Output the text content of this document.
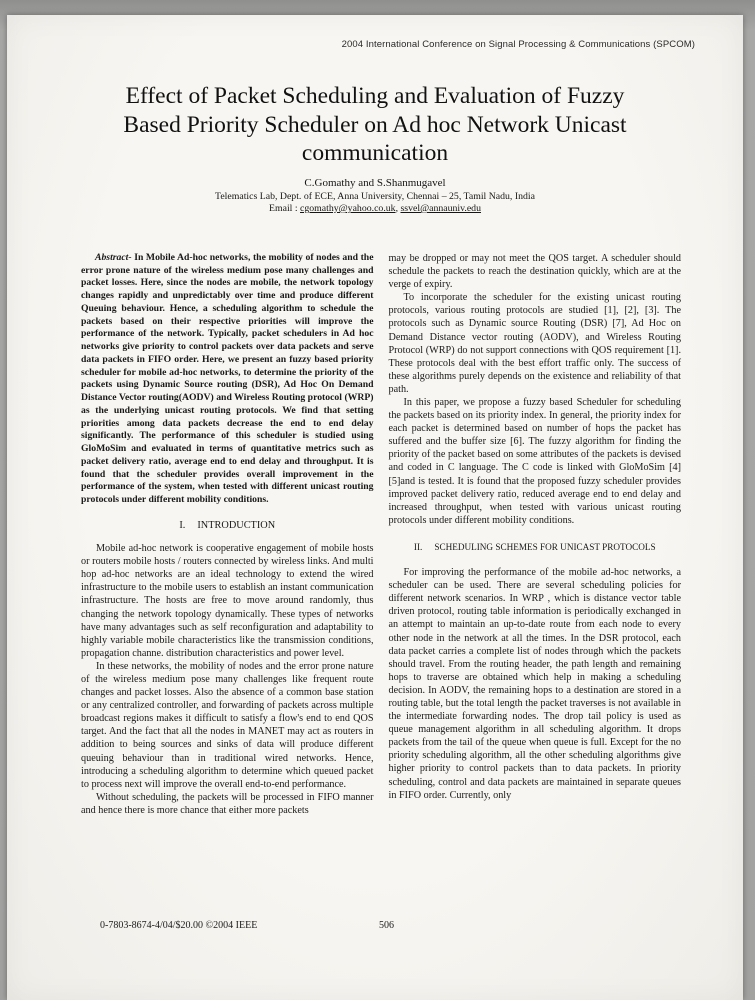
2004 International Conference on Signal Processing & Communications (SPCOM)
Effect of Packet Scheduling and Evaluation of Fuzzy Based Priority Scheduler on Ad hoc Network Unicast communication
C.Gomathy and S.Shanmugavel
Telematics Lab, Dept. of ECE, Anna University, Chennai – 25, Tamil Nadu, India
Email : cgomathy@yahoo.co.uk, ssvel@annauniv.edu

Abstract- In Mobile Ad-hoc networks, the mobility of nodes and the error prone nature of the wireless medium pose many challenges and packet losses. Here, since the nodes are mobile, the network topology changes rapidly and unpredictably over time and produce different Queuing behaviour. Hence, a scheduling algorithm to schedule the packets based on their respective priorities will improve the performance of the network. Typically, packet schedulers in Ad hoc networks give priority to control packets over data packets and serve data packets in FIFO order. Here, we present an fuzzy based priority scheduler for mobile ad-hoc networks, to determine the priority of the packets using Dynamic Source routing (DSR), Ad Hoc On Demand Distance Vector routing(AODV) and Wireless Routing protocol (WRP) as the underlying unicast routing protocols. We find that setting priorities among data packets decrease the end to end delay significantly. The performance of this scheduler is studied using GloMoSim and evaluated in terms of quantitative metrics such as packet delivery ratio, average end to end delay and throughput. It is found that the scheduler provides overall improvement in the performance of the system, when tested with different unicast routing protocols under different mobility conditions.

I. INTRODUCTION

Mobile ad-hoc network is cooperative engagement of mobile hosts or routers mobile hosts / routers connected by wireless links. And multi hop ad-hoc networks are an ideal technology to extend the wired infrastructure to the mobile users to establish an instant communication infrastructure. The hosts are free to move around randomly, thus changing the network topology dynamically. These types of networks have many advantages such as self reconfiguration and adaptability to highly variable mobile characteristics like the transmission conditions, propagation channe. distribution characteristics and power level.

In these networks, the mobility of nodes and the error prone nature of the wireless medium pose many challenges like frequent route changes and packet losses. Also the absence of a common base station or any centralized controller, and forwarding of packets across multiple broadcast regions makes it difficult to satisfy a flow's end to end QOS target. And the fact that all the nodes in MANET may act as routers in addition to being sources and sinks of data will produce different queuing behaviour than in traditional wired networks. Hence, introducing a scheduling algorithm to determine which queued packet to process next will improve the overall end-to-end performance.

Without scheduling, the packets will be processed in FIFO manner and hence there is more chance that either more packets

may be dropped or may not meet the QOS target. A scheduler should schedule the packets to reach the destination quickly, which are at the verge of expiry.

To incorporate the scheduler for the existing unicast routing protocols, various routing protocols are studied [1], [2], [3]. The protocols such as Dynamic source Routing (DSR) [7], Ad Hoc on Demand Distance vector routing (AODV), and Wireless Routing Protocol (WRP) do not support connections with QOS requirement [1]. These protocols deal with the best effort traffic only. The success of these algorithms purely depends on the existence and reliability of that path.

In this paper, we propose a fuzzy based Scheduler for scheduling the packets based on its priority index. In general, the priority index for each packet is determined based on number of hops the packet has suffered and the buffer size [6]. The fuzzy algorithm for finding the priority of the packet based on some attributes of the packets is devised and coded in C language. The C code is linked with GloMoSim [4] [5]and is tested. It is found that the proposed fuzzy scheduler provides improved packet delivery ratio, reduced average end to end delay and increased throughput, when tested with various unicast routing protocols under different mobility conditions.

II. SCHEDULING SCHEMES FOR UNICAST PROTOCOLS

For improving the performance of the mobile ad-hoc networks, a scheduler can be used. There are several scheduling policies for different network scenarios. In WRP , which is distance vector table driven protocol, routing table information is periodically exchanged in an attempt to maintain an up-to-date route from each node to every other node in the network at all the times. In the DSR protocol, each data packet carries a complete list of nodes through which the packets should travel. From the routing header, the path length and remaining hops to traverse are obtained which help in making a scheduling decision. In AODV, the remaining hops to a destination are stored in a routing table, but the total length the packet traverses is not available in the intermediate forwarding nodes. The drop tail policy is used as queue management algorithm in all scheduling algorithm. It drops packets from the tail of the queue when queue is full. Except for the no priority scheduling algorithm, all the other scheduling algorithms give higher priority to control packets than to data packets. In priority scheduling, control and data packets are maintained in separate queues in FIFO order. Currently, only

0-7803-8674-4/04/$20.00 ©2004 IEEE	506
